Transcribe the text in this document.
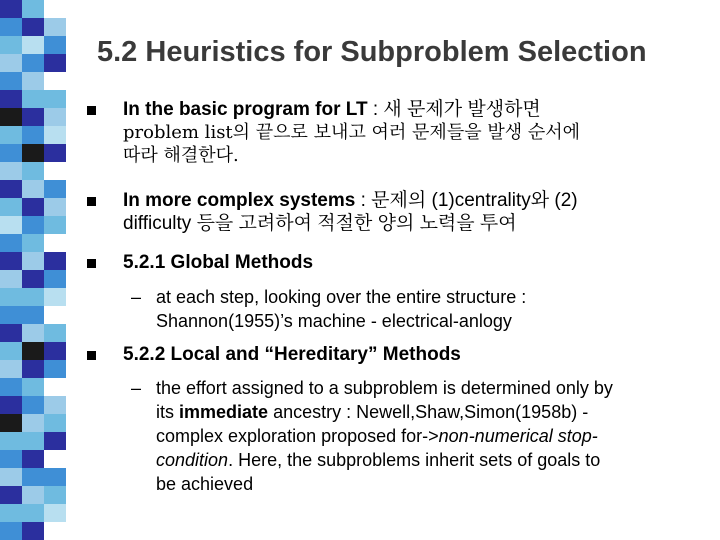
5.2 Heuristics for Subproblem Selection
In the basic program for LT : 새 문제가 발생하면
problem list의 끝으로 보내고 여러 문제들을 발생 순서에
따라 해결한다.
In more complex systems : 문제의 (1)centrality와 (2)
difficulty 등을 고려하여 적절한 양의 노력을 투여
5.2.1 Global Methods
– at each step, looking over the entire structure :
Shannon(1955)’s machine - electrical-anlogy
5.2.2 Local and “Hereditary” Methods
– the effort assigned to a subproblem is determined only by
its immediate ancestry : Newell,Shaw,Simon(1958b) -
complex exploration proposed for->non-numerical stop-
condition. Here, the subproblems inherit sets of goals to
be achieved
